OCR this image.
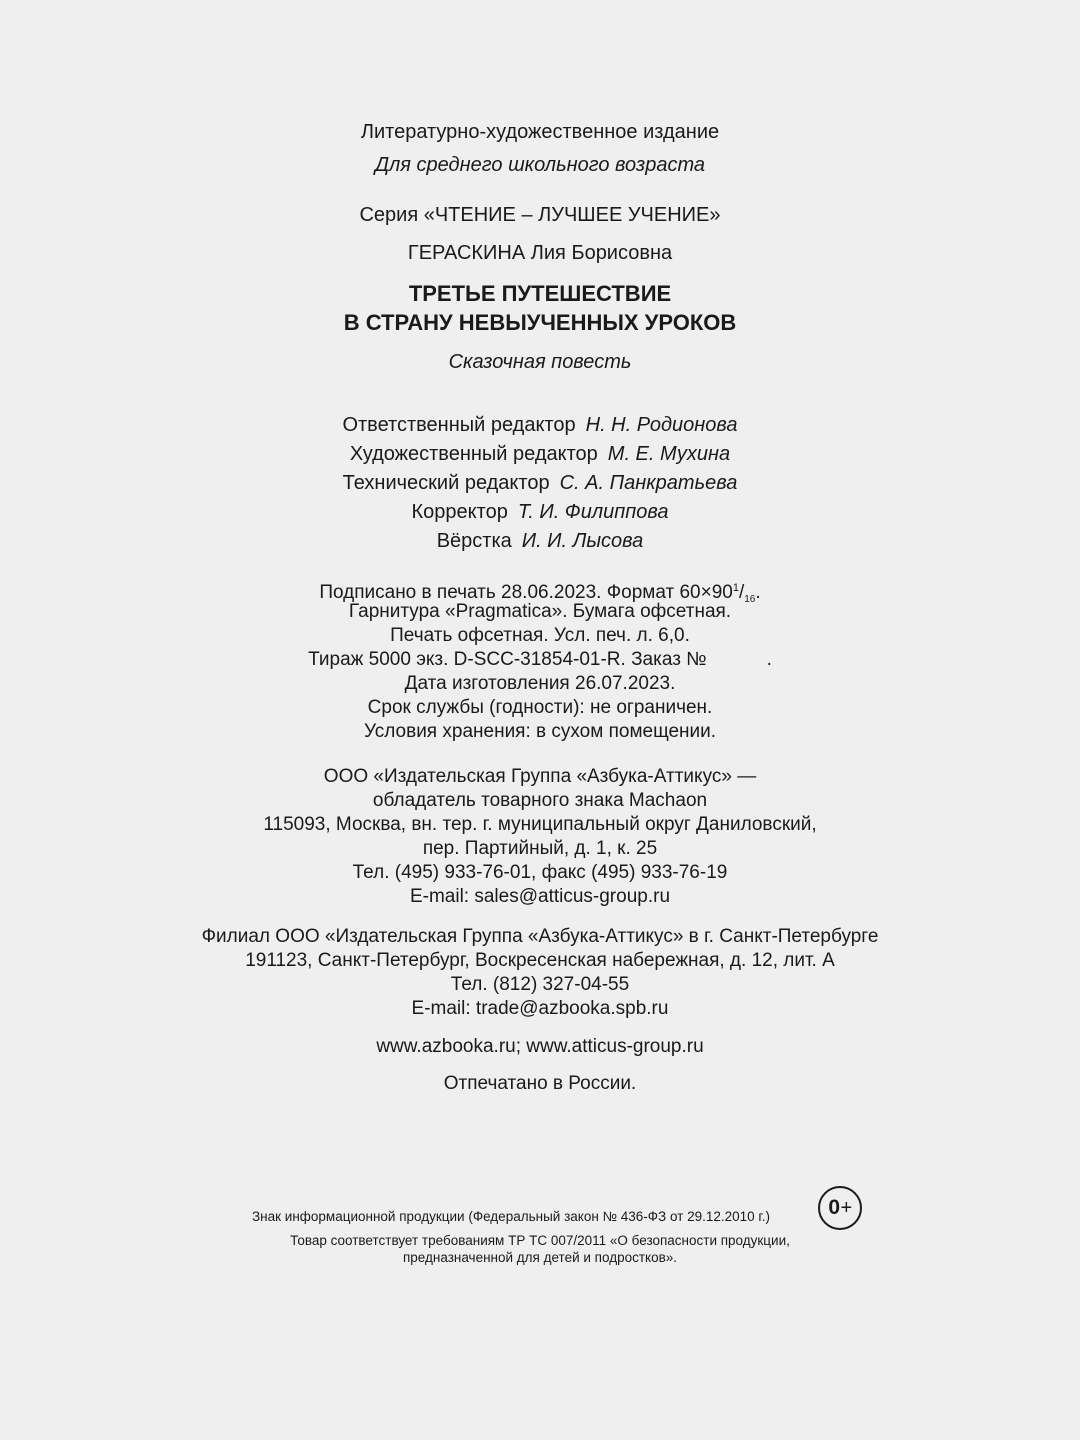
Литературно-художественное издание
Для среднего школьного возраста
Серия «ЧТЕНИЕ – ЛУЧШЕЕ УЧЕНИЕ»
ГЕРАСКИНА Лия Борисовна
ТРЕТЬЕ ПУТЕШЕСТВИЕ
В СТРАНУ НЕВЫУЧЕННЫХ УРОКОВ
Сказочная повесть
Ответственный редактор Н. Н. Родионова
Художественный редактор М. Е. Мухина
Технический редактор С. А. Панкратьева
Корректор Т. И. Филиппова
Вёрстка И. И. Лысова
Подписано в печать 28.06.2023. Формат $60\times 90^1/_{16}$.
Гарнитура «Pragmatica». Бумага офсетная.
Печать офсетная. Усл. печ. л. 6,0.
Тираж 5000 экз. D-SCC-31854-01-R. Заказ №	.
Дата изготовления 26.07.2023.
Срок службы (годности): не ограничен.
Условия хранения: в сухом помещении.
ООО «Издательская Группа «Азбука-Аттикус» —
обладатель товарного знака Machaon
115093, Москва, вн. тер. г. муниципальный округ Даниловский,
пер. Партийный, д. 1, к. 25
Тел. (495) 933-76-01, факс (495) 933-76-19
E-mail: sales@atticus-group.ru
Филиал ООО «Издательская Группа «Азбука-Аттикус» в г. Санкт-Петербурге
191123, Санкт-Петербург, Воскресенская набережная, д. 12, лит. А
Тел. (812) 327-04-55
E-mail: trade@azbooka.spb.ru
www.azbooka.ru; www.atticus-group.ru
Отпечатано в России.
Знак информационной продукции (Федеральный закон № 436-ФЗ от 29.12.2010 г.)	0 +
Товар соответствует требованиям ТР ТС 007/2011 «О безопасности продукции,
предназначенной для детей и подростков».
